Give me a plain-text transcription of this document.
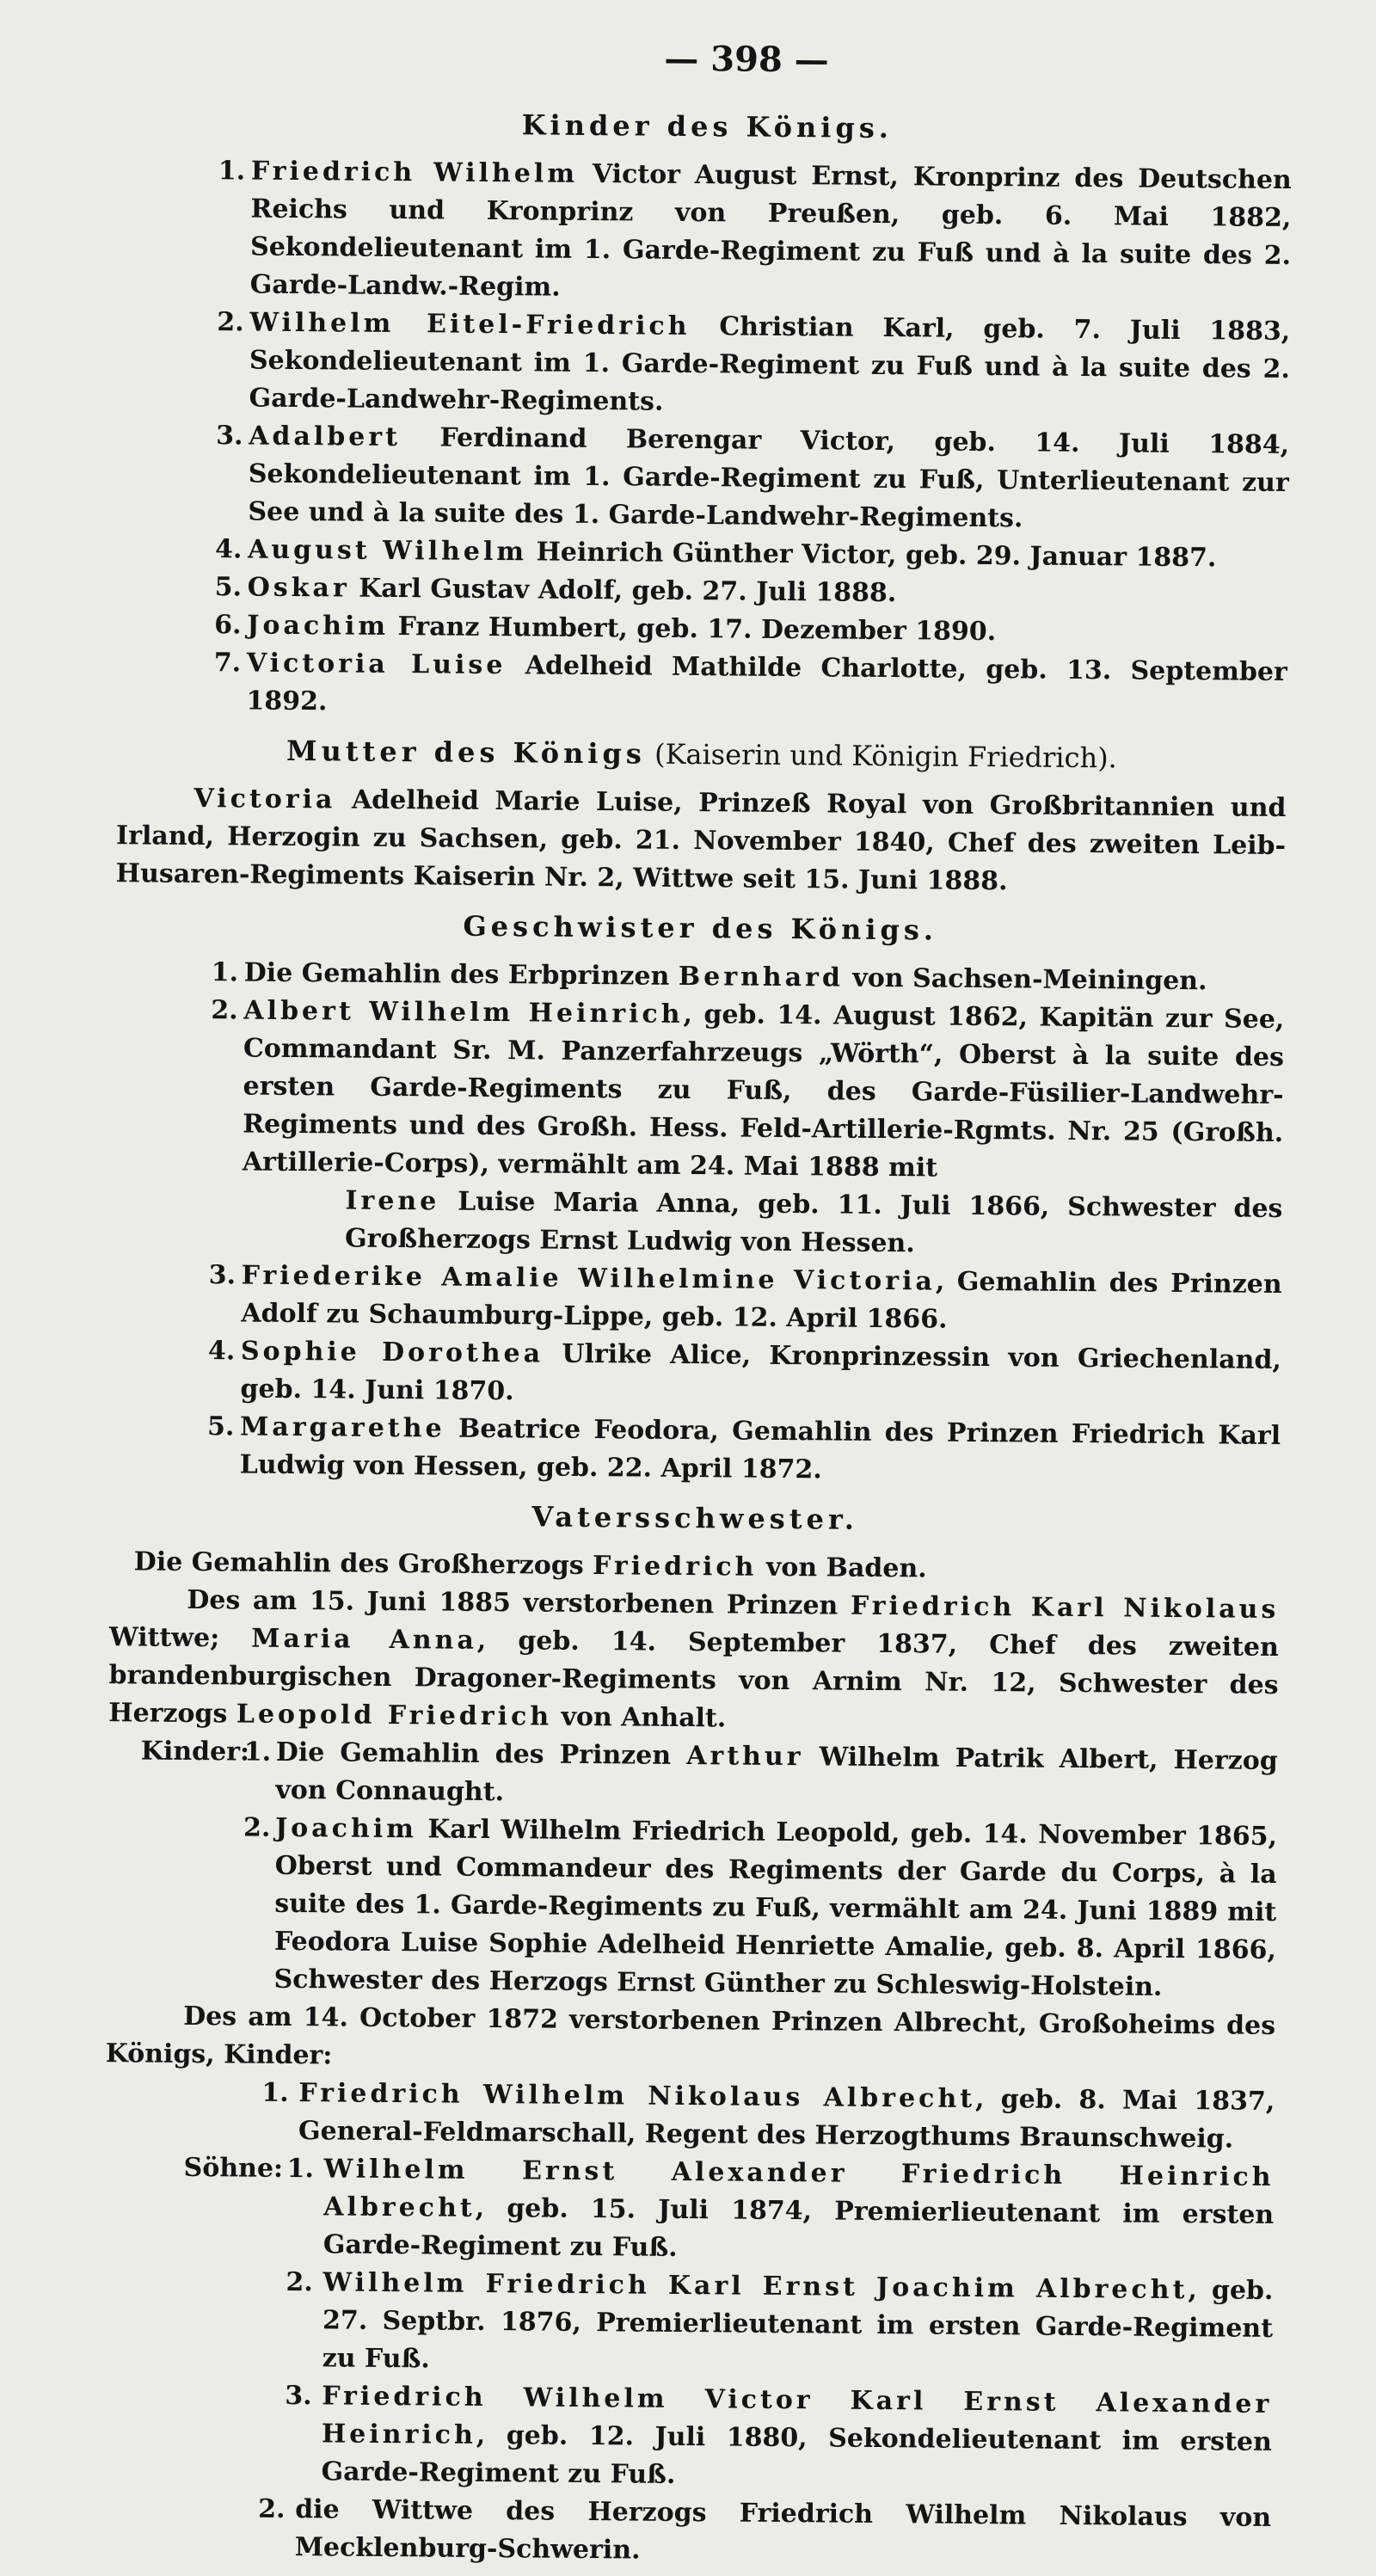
— 398 —
Kinder des Königs.
1. Friedrich Wilhelm Victor August Ernst, Kronprinz des Deutschen Reichs und Kronprinz von Preußen, geb. 6. Mai 1882, Sekondelieutenant im 1. Garde-Regiment zu Fuß und à la suite des 2. Garde-Landw.-Regim.
2. Wilhelm Eitel-Friedrich Christian Karl, geb. 7. Juli 1883, Sekondelieutenant im 1. Garde-Regiment zu Fuß und à la suite des 2. Garde-Landwehr-Regiments.
3. Adalbert Ferdinand Berengar Victor, geb. 14. Juli 1884, Sekondelieutenant im 1. Garde-Regiment zu Fuß, Unterlieutenant zur See und à la suite des 1. Garde-Landwehr-Regiments.
4. August Wilhelm Heinrich Günther Victor, geb. 29. Januar 1887.
5. Oskar Karl Gustav Adolf, geb. 27. Juli 1888.
6. Joachim Franz Humbert, geb. 17. Dezember 1890.
7. Victoria Luise Adelheid Mathilde Charlotte, geb. 13. September 1892.
Mutter des Königs (Kaiserin und Königin Friedrich).

Victoria Adelheid Marie Luise, Prinzeß Royal von Großbritannien und Irland, Herzogin zu Sachsen, geb. 21. November 1840, Chef des zweiten Leib-Husaren-Regiments Kaiserin Nr. 2, Wittwe seit 15. Juni 1888.

Geschwister des Königs.
1. Die Gemahlin des Erbprinzen Bernhard von Sachsen-Meiningen.
2. Albert Wilhelm Heinrich, geb. 14. August 1862, Kapitän zur See, Commandant Sr. M. Panzerfahrzeugs „Wörth“, Oberst à la suite des ersten Garde-Regiments zu Fuß, des Garde-Füsilier-Landwehr-Regiments und des Großh. Hess. Feld-Artillerie-Rgmts. Nr. 25 (Großh. Artillerie-Corps), vermählt am 24. Mai 1888 mit
Irene Luise Maria Anna, geb. 11. Juli 1866, Schwester des Großherzogs Ernst Ludwig von Hessen.
3. Friederike Amalie Wilhelmine Victoria, Gemahlin des Prinzen Adolf zu Schaumburg-Lippe, geb. 12. April 1866.
4. Sophie Dorothea Ulrike Alice, Kronprinzessin von Griechenland, geb. 14. Juni 1870.
5. Margarethe Beatrice Feodora, Gemahlin des Prinzen Friedrich Karl Ludwig von Hessen, geb. 22. April 1872.
Vatersschwester.

Die Gemahlin des Großherzogs Friedrich von Baden.

Des am 15. Juni 1885 verstorbenen Prinzen Friedrich Karl Nikolaus Wittwe; Maria Anna, geb. 14. September 1837, Chef des zweiten brandenburgischen Dragoner-Regiments von Arnim Nr. 12, Schwester des Herzogs Leopold Friedrich von Anhalt.

Kinder:
1. Die Gemahlin des Prinzen Arthur Wilhelm Patrik Albert, Herzog von Connaught.
2. Joachim Karl Wilhelm Friedrich Leopold, geb. 14. November 1865, Oberst und Commandeur des Regiments der Garde du Corps, à la suite des 1. Garde-Regiments zu Fuß, vermählt am 24. Juni 1889 mit Feodora Luise Sophie Adelheid Henriette Amalie, geb. 8. April 1866, Schwester des Herzogs Ernst Günther zu Schleswig-Holstein.

Des am 14. October 1872 verstorbenen Prinzen Albrecht, Großoheims des Königs, Kinder:

1. Friedrich Wilhelm Nikolaus Albrecht, geb. 8. Mai 1837, General-Feldmarschall, Regent des Herzogthums Braunschweig.
Söhne: 1. Wilhelm Ernst Alexander Friedrich Heinrich Albrecht, geb. 15. Juli 1874, Premierlieutenant im ersten Garde-Regiment zu Fuß.
2. Wilhelm Friedrich Karl Ernst Joachim Albrecht, geb. 27. Septbr. 1876, Premierlieutenant im ersten Garde-Regiment zu Fuß.
3. Friedrich Wilhelm Victor Karl Ernst Alexander Heinrich, geb. 12. Juli 1880, Sekondelieutenant im ersten Garde-Regiment zu Fuß.
2. die Wittwe des Herzogs Friedrich Wilhelm Nikolaus von Mecklenburg-Schwerin.
